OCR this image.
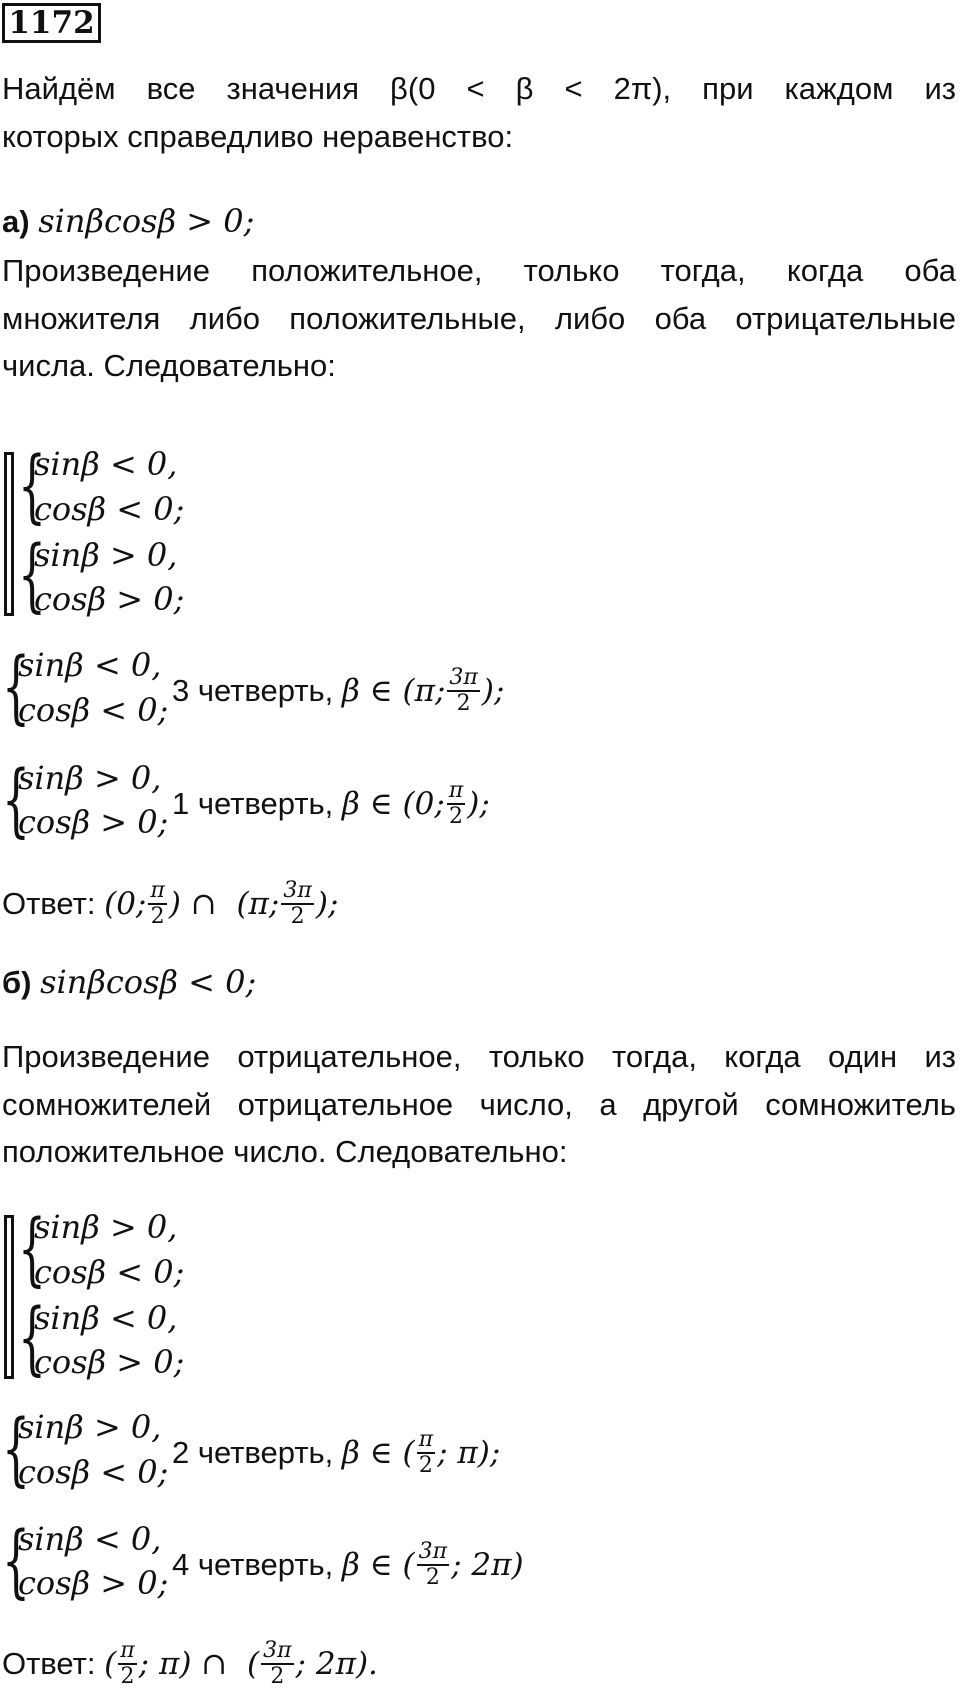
1172
Найдём все значения β(0 < β < 2π), при каждом из
которых справедливо неравенство:
а) sinβcosβ > 0;
Произведение положительное, только тогда, когда оба
множителя либо положительные, либо оба отрицательные
числа. Следовательно:
{
{
sinβ < 0,
cosβ < 0;
sinβ > 0,
cosβ > 0;
{
sinβ < 0,
cosβ < 0;
3 четверть, β ∈ (π; $\frac{3\pi}{2}$ );
{
sinβ > 0,
cosβ > 0; 1 четверть, β ∈ (0; $\frac{\pi}{2}$ );
Ответ: (0; $\frac{\pi}{2}$ ) ∩  (π; $\frac{3\pi}{2}$ );
б) sinβcosβ < 0;
Произведение отрицательное, только тогда, когда один из
сомножителей отрицательное число, а другой сомножитель
положительное число. Следовательно:
{
{
sinβ > 0,
cosβ < 0;
sinβ < 0,
cosβ > 0;
{
sinβ > 0,
cosβ < 0;
2 четверть, β ∈ ( $\frac{\pi}{2}$ ; π);
{
sinβ < 0,
cosβ > 0; 4 четверть, β ∈ ( $\frac{3\pi}{2}$ ; 2π)
Ответ: ( $\frac{\pi}{2}$ ; π) ∩  ( $\frac{3\pi}{2}$ ; 2π).
